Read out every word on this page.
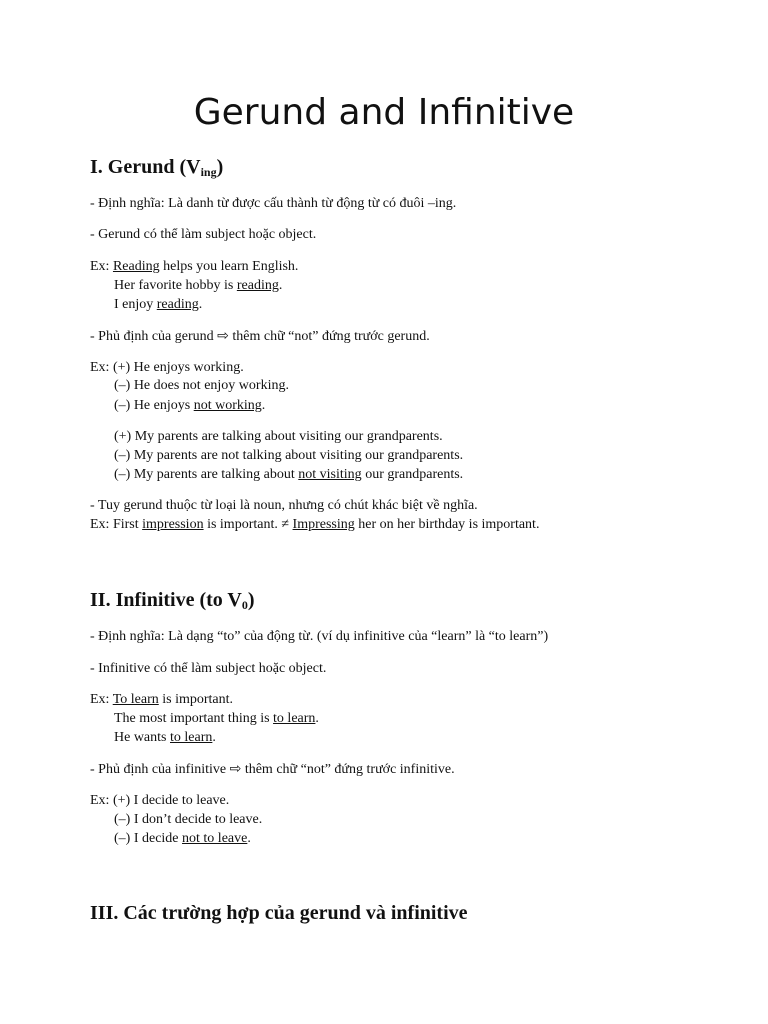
Gerund and Infinitive
I. Gerund $(V_{ing})$

- Định nghĩa: Là danh từ được cấu thành từ động từ có đuôi –ing.

- Gerund có thể làm subject hoặc object.

Ex: Reading helps you learn English.

Her favorite hobby is reading.

I enjoy reading.

- Phủ định của gerund ⇨ thêm chữ “not” đứng trước gerund.

Ex: (+) He enjoys working.

(–) He does not enjoy working.

(–) He enjoys not working.

(+) My parents are talking about visiting our grandparents.

(–) My parents are not talking about visiting our grandparents.

(–) My parents are talking about not visiting our grandparents.

- Tuy gerund thuộc từ loại là noun, nhưng có chút khác biệt về nghĩa.

Ex: First impression is important. ≠ Impressing her on her birthday is important.

II. Infinitive (to $V_0$)

- Định nghĩa: Là dạng “to” của động từ. (ví dụ infinitive của “learn” là “to learn”)

- Infinitive có thể làm subject hoặc object.

Ex: To learn is important.

The most important thing is to learn.

He wants to learn.

- Phủ định của infinitive ⇨ thêm chữ “not” đứng trước infinitive.

Ex: (+) I decide to leave.

(–) I don’t decide to leave.

(–) I decide not to leave.

III. Các trường hợp của gerund và infinitive
